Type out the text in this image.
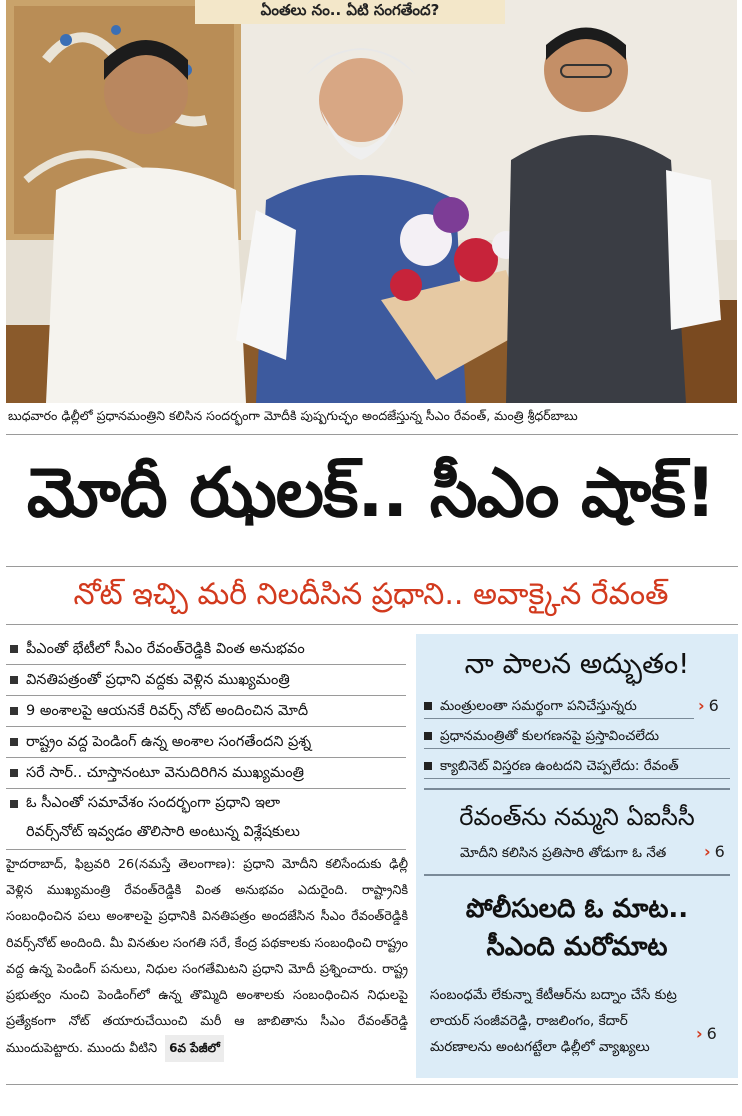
ఏంతలు నం.. ఏటి సంగతేంద?
బుధవారం ఢిల్లీలో ప్రధానమంత్రిని కలిసిన సందర్భంగా మోదీకి పుష్పగుచ్ఛం అందజేస్తున్న సీఎం రేవంత్, మంత్రి శ్రీధర్‌బాబు
మోదీ ఝలక్.. సీఎం షాక్!
నోట్ ఇచ్చి మరీ నిలదీసిన ప్రధాని.. అవాక్కైన రేవంత్
పీఎంతో భేటీలో సీఎం రేవంత్‌రెడ్డికి వింత అనుభవం
వినతిపత్రంతో ప్రధాని వద్దకు వెళ్లిన ముఖ్యమంత్రి
9 అంశాలపై ఆయనకే రివర్స్ నోట్ అందించిన మోదీ
రాష్ట్రం వద్ద పెండింగ్ ఉన్న అంశాల సంగతేందని ప్రశ్న
సరే సార్.. చూస్తానంటూ వెనుదిరిగిన ముఖ్యమంత్రి
ఓ సీఎంతో సమావేశం సందర్భంగా ప్రధాని ఇలా
రివర్స్‌నోట్ ఇవ్వడం తొలిసారి అంటున్న విశ్లేషకులు
హైదరాబాద్, ఫిబ్రవరి 26(నమస్తే తెలంగాణ): ప్రధాని మోదీని కలిసేందుకు ఢిల్లీ వెళ్లిన ముఖ్యమంత్రి రేవంత్‌రెడ్డికి వింత అనుభవం ఎదురైంది. రాష్ట్రానికి సంబంధించిన పలు అంశాలపై ప్రధానికి వినతిపత్రం అందజేసిన సీఎం రేవంత్‌రెడ్డికి రివర్స్‌నోట్ అందింది. మీ వినతుల సంగతి సరే, కేంద్ర పథకాలకు సంబంధించి రాష్ట్రం వద్ద ఉన్న పెండింగ్ పనులు, నిధుల సంగతేమిటని ప్రధాని మోదీ ప్రశ్నించారు. రాష్ట్ర ప్రభుత్వం నుంచి పెండింగ్‌లో ఉన్న తొమ్మిది అంశాలకు సంబంధించిన నిధులపై ప్రత్యేకంగా నోట్ తయారుచేయించి మరీ ఆ జాబితాను సీఎం రేవంత్‌రెడ్డి ముందుపెట్టారు. ముందు వీటిని 6వ పేజీలో
నా పాలన అద్భుతం!
మంత్రులంతా సమర్థంగా పనిచేస్తున్నరు	› 6
ప్రధానమంత్రితో కులగణనపై ప్రస్తావించలేదు
క్యాబినెట్ విస్తరణ ఉంటదని చెప్పలేదు: రేవంత్
రేవంత్‌ను నమ్మని ఏఐసీసీ
మోదీని కలిసిన ప్రతిసారి తోడుగా ఓ నేత › 6
పోలీసులది ఓ మాట..
సీఎంది మరోమాట
సంబంధమే లేకున్నా కేటీఆర్‌ను బద్నాం చేసే కుట్ర
లాయర్ సంజీవరెడ్డి, రాజలింగం, కేదార్
మరణాలను అంటగట్టేలా ఢిల్లీలో వ్యాఖ్యలు
› 6
